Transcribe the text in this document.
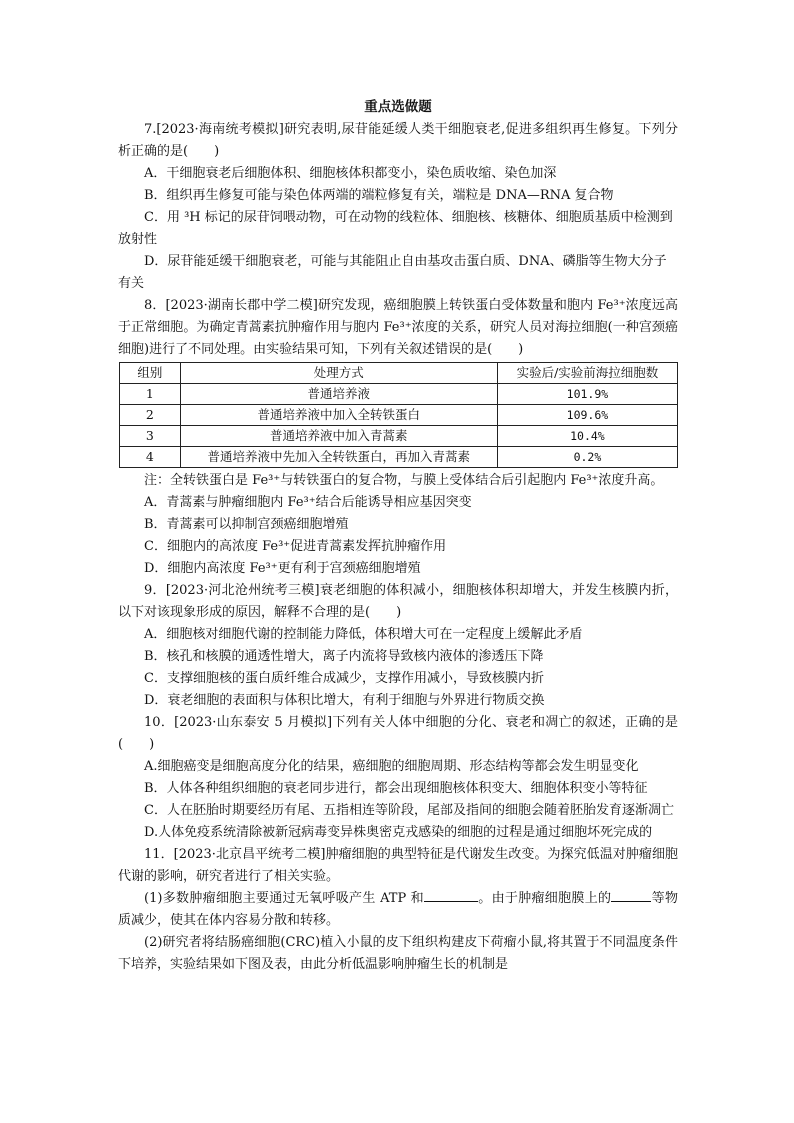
重点选做题

7.[2023·海南统考模拟]研究表明,尿苷能延缓人类干细胞衰老,促进多组织再生修复。下列分析正确的是(　　)

A．干细胞衰老后细胞体积、细胞核体积都变小，染色质收缩、染色加深

B．组织再生修复可能与染色体两端的端粒修复有关，端粒是 DNA—RNA 复合物

C．用 ³H 标记的尿苷饲喂动物，可在动物的线粒体、细胞核、核糖体、细胞质基质中检测到放射性

D．尿苷能延缓干细胞衰老，可能与其能阻止自由基攻击蛋白质、DNA、磷脂等生物大分子有关

8．[2023·湖南长郡中学二模]研究发现，癌细胞膜上转铁蛋白受体数量和胞内 Fe³⁺浓度远高于正常细胞。为确定青蒿素抗肿瘤作用与胞内 Fe³⁺浓度的关系，研究人员对海拉细胞(一种宫颈癌细胞)进行了不同处理。由实验结果可知，下列有关叙述错误的是(　　)

组别	处理方式	实验后/实验前海拉细胞数
1	普通培养液	101.9%
2	普通培养液中加入全转铁蛋白	109.6%
3	普通培养液中加入青蒿素	10.4%
4	普通培养液中先加入全转铁蛋白，再加入青蒿素	0.2%

注：全转铁蛋白是 Fe³⁺与转铁蛋白的复合物，与膜上受体结合后引起胞内 Fe³⁺浓度升高。

A．青蒿素与肿瘤细胞内 Fe³⁺结合后能诱导相应基因突变

B．青蒿素可以抑制宫颈癌细胞增殖

C．细胞内的高浓度 Fe³⁺促进青蒿素发挥抗肿瘤作用

D．细胞内高浓度 Fe³⁺更有利于宫颈癌细胞增殖

9．[2023·河北沧州统考三模]衰老细胞的体积减小，细胞核体积却增大，并发生核膜内折，以下对该现象形成的原因，解释不合理的是(　　)

A．细胞核对细胞代谢的控制能力降低，体积增大可在一定程度上缓解此矛盾

B．核孔和核膜的通透性增大，离子内流将导致核内液体的渗透压下降

C．支撑细胞核的蛋白质纤维合成减少，支撑作用减小，导致核膜内折

D．衰老细胞的表面积与体积比增大，有利于细胞与外界进行物质交换

10．[2023·山东泰安 5 月模拟]下列有关人体中细胞的分化、衰老和凋亡的叙述，正确的是(　　)

A.细胞癌变是细胞高度分化的结果，癌细胞的细胞周期、形态结构等都会发生明显变化

B．人体各种组织细胞的衰老同步进行，都会出现细胞核体积变大、细胞体积变小等特征

C．人在胚胎时期要经历有尾、五指相连等阶段，尾部及指间的细胞会随着胚胎发育逐渐凋亡

D.人体免疫系统清除被新冠病毒变异株奥密克戎感染的细胞的过程是通过细胞坏死完成的

11．[2023·北京昌平统考二模]肿瘤细胞的典型特征是代谢发生改变。为探究低温对肿瘤细胞代谢的影响，研究者进行了相关实验。

(1)多数肿瘤细胞主要通过无氧呼吸产生 ATP 和	。由于肿瘤细胞膜上的	等物质减少，使其在体内容易分散和转移。

(2)研究者将结肠癌细胞(CRC)植入小鼠的皮下组织构建皮下荷瘤小鼠,将其置于不同温度条件下培养，实验结果如下图及表，由此分析低温影响肿瘤生长的机制是
